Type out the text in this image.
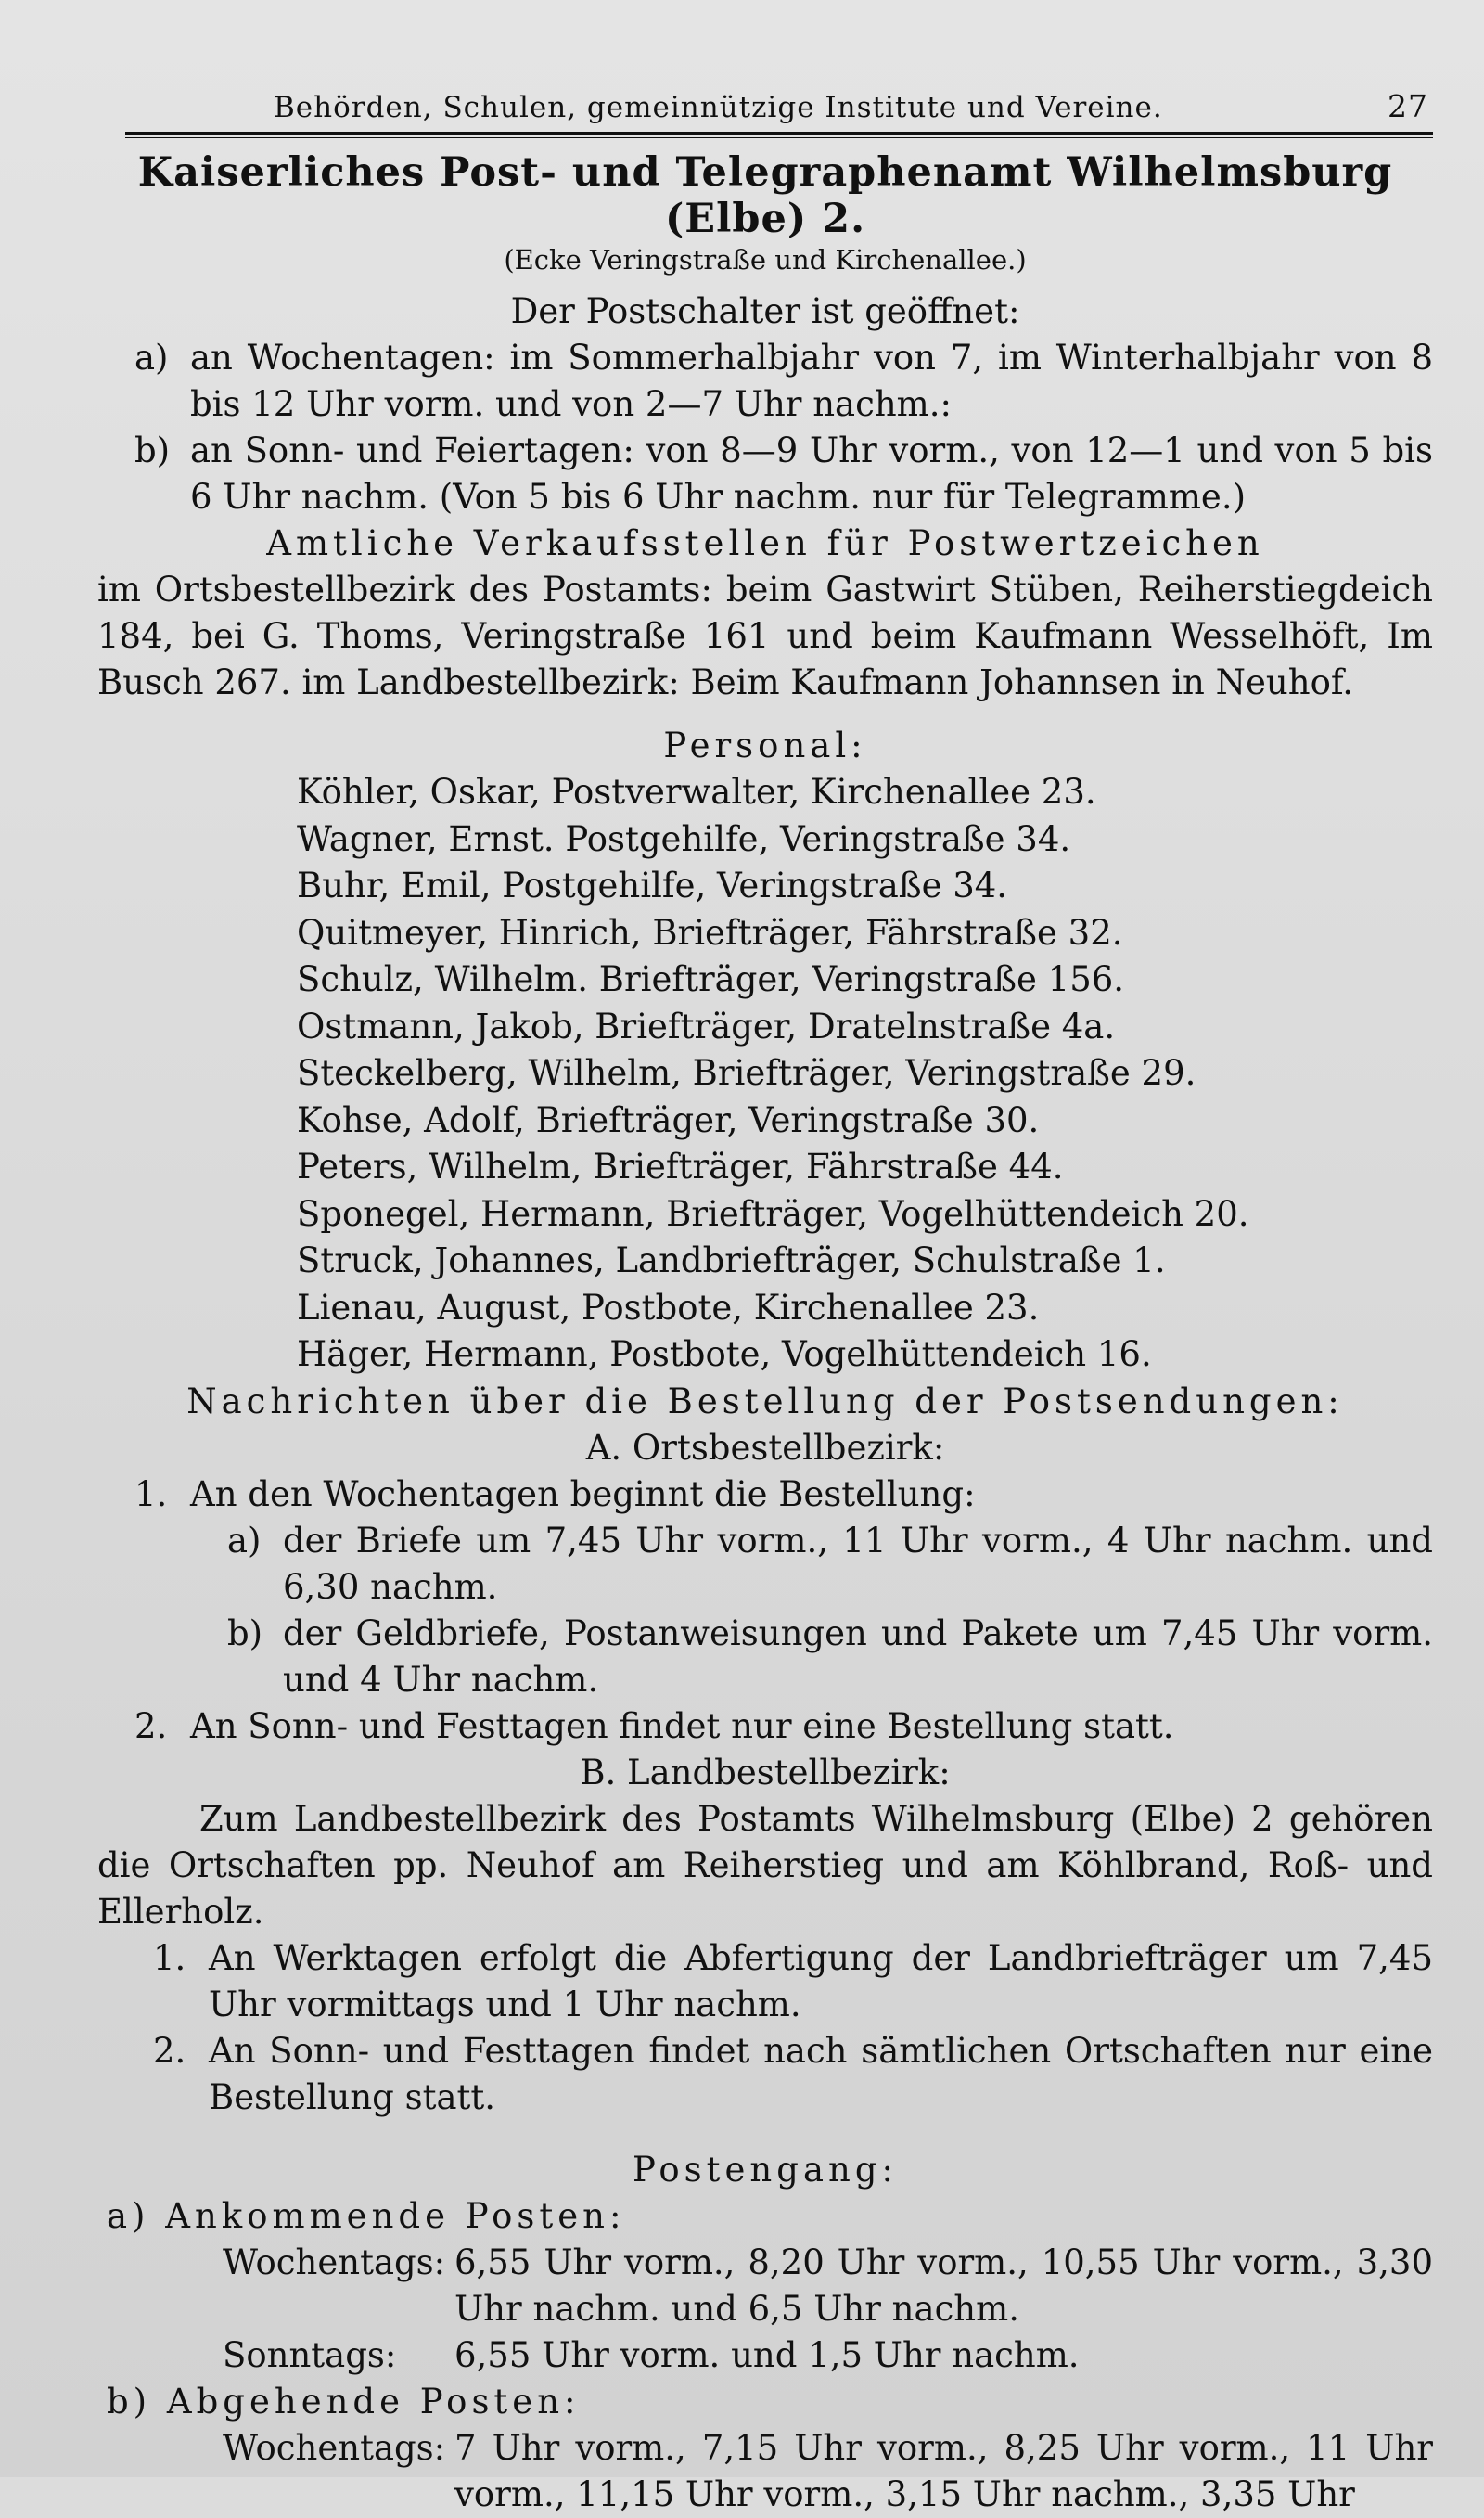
Behörden, Schulen, gemeinnützige Institute und Vereine.	27
Kaiserliches Post- und Telegraphenamt Wilhelmsburg (Elbe) 2.
(Ecke Veringstraße und Kirchenallee.)
Der Postschalter ist geöffnet:
a) an Wochentagen: im Sommerhalbjahr von 7, im Winterhalbjahr von 8 bis 12 Uhr vorm. und von 2—7 Uhr nachm.:
b) an Sonn- und Feiertagen: von 8—9 Uhr vorm., von 12—1 und von 5 bis 6 Uhr nachm. (Von 5 bis 6 Uhr nachm. nur für Telegramme.)
Amtliche Verkaufsstellen für Postwertzeichen
im Ortsbestellbezirk des Postamts: beim Gastwirt Stüben, Reiherstiegdeich 184, bei G. Thoms, Veringstraße 161 und beim Kaufmann Wesselhöft, Im Busch 267. im Landbestellbezirk: Beim Kaufmann Johannsen in Neuhof.
Personal:
Köhler, Oskar, Postverwalter, Kirchenallee 23.
Wagner, Ernst. Postgehilfe, Veringstraße 34.
Buhr, Emil, Postgehilfe, Veringstraße 34.
Quitmeyer, Hinrich, Briefträger, Fährstraße 32.
Schulz, Wilhelm. Briefträger, Veringstraße 156.
Ostmann, Jakob, Briefträger, Dratelnstraße 4a.
Steckelberg, Wilhelm, Briefträger, Veringstraße 29.
Kohse, Adolf, Briefträger, Veringstraße 30.
Peters, Wilhelm, Briefträger, Fährstraße 44.
Sponegel, Hermann, Briefträger, Vogelhüttendeich 20.
Struck, Johannes, Landbriefträger, Schulstraße 1.
Lienau, August, Postbote, Kirchenallee 23.
Häger, Hermann, Postbote, Vogelhüttendeich 16.
Nachrichten über die Bestellung der Postsendungen:
A. Ortsbestellbezirk:
1. An den Wochentagen beginnt die Bestellung:
a) der Briefe um 7,45 Uhr vorm., 11 Uhr vorm., 4 Uhr nachm. und 6,30 nachm.
b) der Geldbriefe, Postanweisungen und Pakete um 7,45 Uhr vorm. und 4 Uhr nachm.
2. An Sonn- und Festtagen findet nur eine Bestellung statt.
B. Landbestellbezirk:
Zum Landbestellbezirk des Postamts Wilhelmsburg (Elbe) 2 gehören die Ortschaften pp. Neuhof am Reiherstieg und am Köhlbrand, Roß- und Ellerholz.
1. An Werktagen erfolgt die Abfertigung der Landbriefträger um 7,45 Uhr vormittags und 1 Uhr nachm.
2. An Sonn- und Festtagen findet nach sämtlichen Ortschaften nur eine Bestellung statt.
Postengang:
a) Ankommende Posten:
Wochentags: 6,55 Uhr vorm., 8,20 Uhr vorm., 10,55 Uhr vorm., 3,30 Uhr nachm. und 6,5 Uhr nachm.
Sonntags:	6,55 Uhr vorm. und 1,5 Uhr nachm.
b) Abgehende Posten:
Wochentags: 7 Uhr vorm., 7,15 Uhr vorm., 8,25 Uhr vorm., 11 Uhr vorm., 11,15 Uhr vorm., 3,15 Uhr nachm., 3,35 Uhr
